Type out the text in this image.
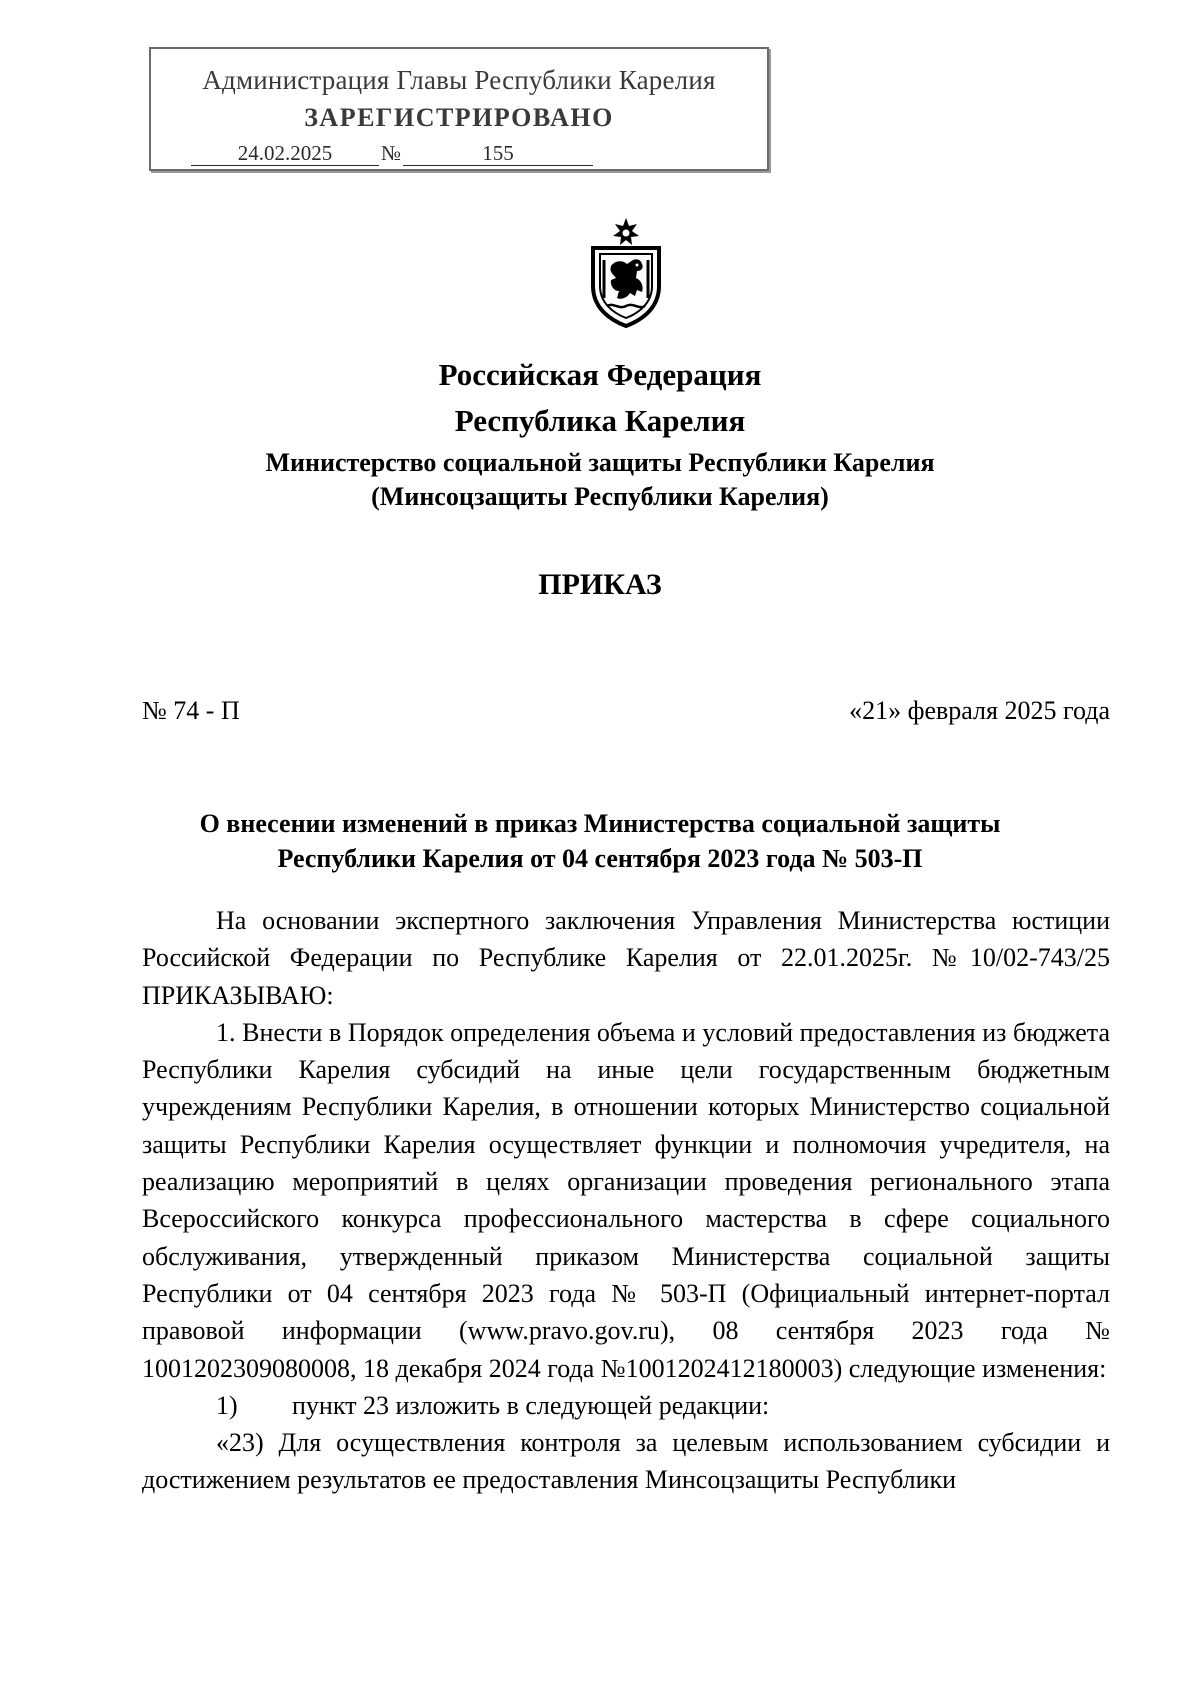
Администрация Главы Республики Карелия
ЗАРЕГИСТРИРОВАНО
24.02.2025 №	155
Российская Федерация
Республика Карелия
Министерство социальной защиты Республики Карелия
(Минсоцзащиты Республики Карелия)
ПРИКАЗ
№ 74 - П	«21» февраля 2025 года
О внесении изменений в приказ Министерства социальной защиты
Республики Карелия от 04 сентября 2023 года № 503-П

На основании экспертного заключения Управления Министерства юстиции Российской Федерации по Республике Карелия от 22.01.2025г. №10/02-743/25 ПРИКАЗЫВАЮ:

1. Внести в Порядок определения объема и условий предоставления из бюджета Республики Карелия субсидий на иные цели государственным бюджетным учреждениям Республики Карелия, в отношении которых Министерство социальной защиты Республики Карелия осуществляет функции и полномочия учредителя, на реализацию мероприятий в целях организации проведения регионального этапа Всероссийского конкурса профессионального мастерства в сфере социального обслуживания, утвержденный приказом Министерства социальной защиты Республики от 04 сентября 2023 года № 503-П (Официальный интернет-портал правовой информации (www.pravo.gov.ru), 08 сентября 2023 года № 1001202309080008, 18 декабря 2024 года №1001202412180003) следующие изменения:

1) пункт 23 изложить в следующей редакции:

«23) Для осуществления контроля за целевым использованием субсидии и достижением результатов ее предоставления Минсоцзащиты Республики
